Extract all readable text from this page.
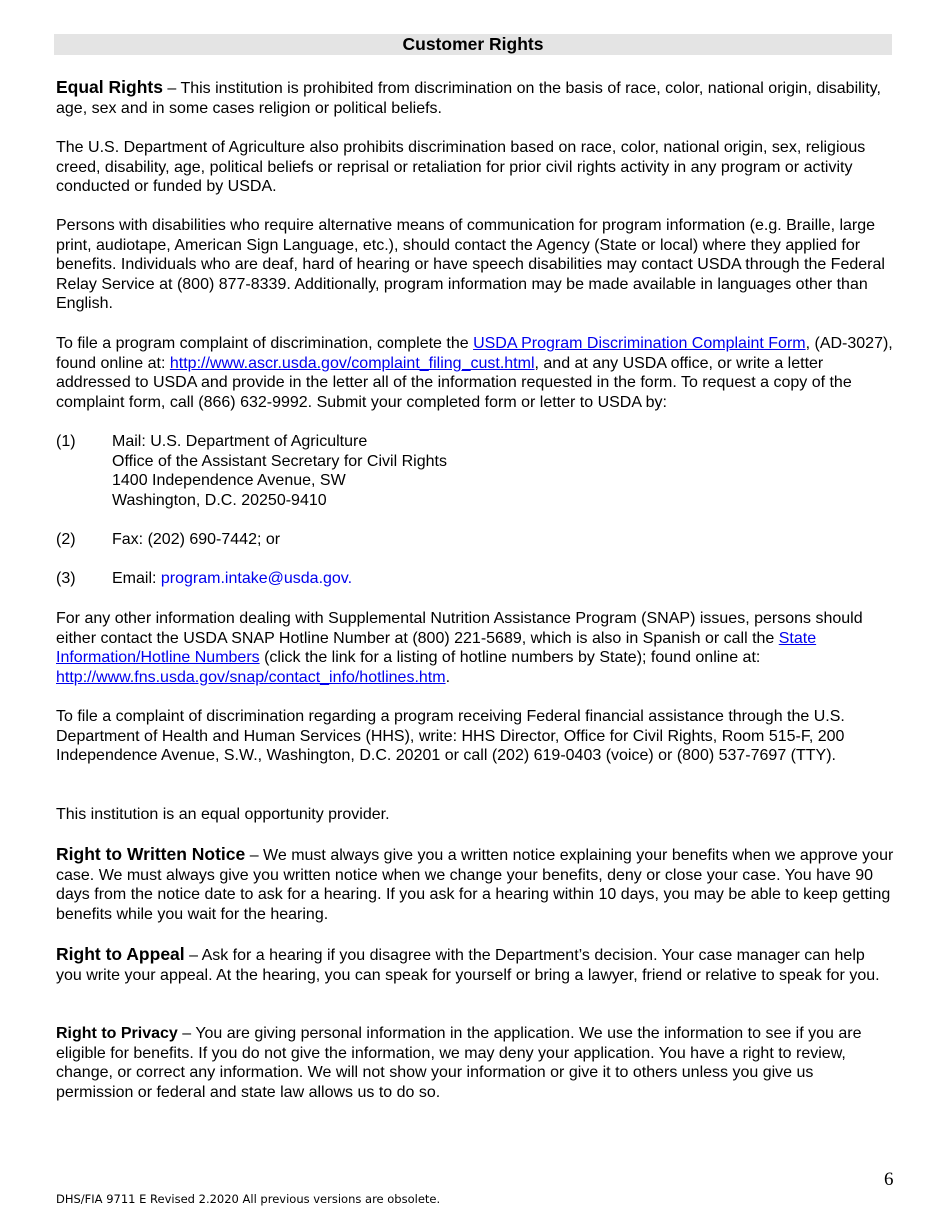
Customer Rights

Equal Rights – This institution is prohibited from discrimination on the basis of race, color, national origin, disability, age, sex and in some cases religion or political beliefs.

The U.S. Department of Agriculture also prohibits discrimination based on race, color, national origin, sex, religious creed, disability, age, political beliefs or reprisal or retaliation for prior civil rights activity in any program or activity conducted or funded by USDA.

Persons with disabilities who require alternative means of communication for program information (e.g. Braille, large print, audiotape, American Sign Language, etc.), should contact the Agency (State or local) where they applied for benefits. Individuals who are deaf, hard of hearing or have speech disabilities may contact USDA through the Federal Relay Service at (800) 877-8339. Additionally, program information may be made available in languages other than English.

To file a program complaint of discrimination, complete the USDA Program Discrimination Complaint Form, (AD-3027), found online at: http://www.ascr.usda.gov/complaint_filing_cust.html, and at any USDA office, or write a letter addressed to USDA and provide in the letter all of the information requested in the form. To request a copy of the complaint form, call (866) 632-9992. Submit your completed form or letter to USDA by:

(1) Mail: U.S. Department of Agriculture
Office of the Assistant Secretary for Civil Rights
1400 Independence Avenue, SW
Washington, D.C. 20250-9410
(2) Fax: (202) 690-7442; or
(3) Email: program.intake@usda.gov.

For any other information dealing with Supplemental Nutrition Assistance Program (SNAP) issues, persons should either contact the USDA SNAP Hotline Number at (800) 221-5689, which is also in Spanish or call the State Information/Hotline Numbers (click the link for a listing of hotline numbers by State); found online at: http://www.fns.usda.gov/snap/contact_info/hotlines.htm.

To file a complaint of discrimination regarding a program receiving Federal financial assistance through the U.S. Department of Health and Human Services (HHS), write: HHS Director, Office for Civil Rights, Room 515-F, 200 Independence Avenue, S.W., Washington, D.C. 20201 or call (202) 619-0403 (voice) or (800) 537-7697 (TTY).

This institution is an equal opportunity provider.

Right to Written Notice – We must always give you a written notice explaining your benefits when we approve your case. We must always give you written notice when we change your benefits, deny or close your case. You have 90 days from the notice date to ask for a hearing. If you ask for a hearing within 10 days, you may be able to keep getting benefits while you wait for the hearing.

Right to Appeal – Ask for a hearing if you disagree with the Department’s decision. Your case manager can help you write your appeal. At the hearing, you can speak for yourself or bring a lawyer, friend or relative to speak for you.

Right to Privacy – You are giving personal information in the application. We use the information to see if you are eligible for benefits. If you do not give the information, we may deny your application. You have a right to review, change, or correct any information. We will not show your information or give it to others unless you give us permission or federal and state law allows us to do so.

6
DHS/FIA 9711 E Revised 2.2020 All previous versions are obsolete.
